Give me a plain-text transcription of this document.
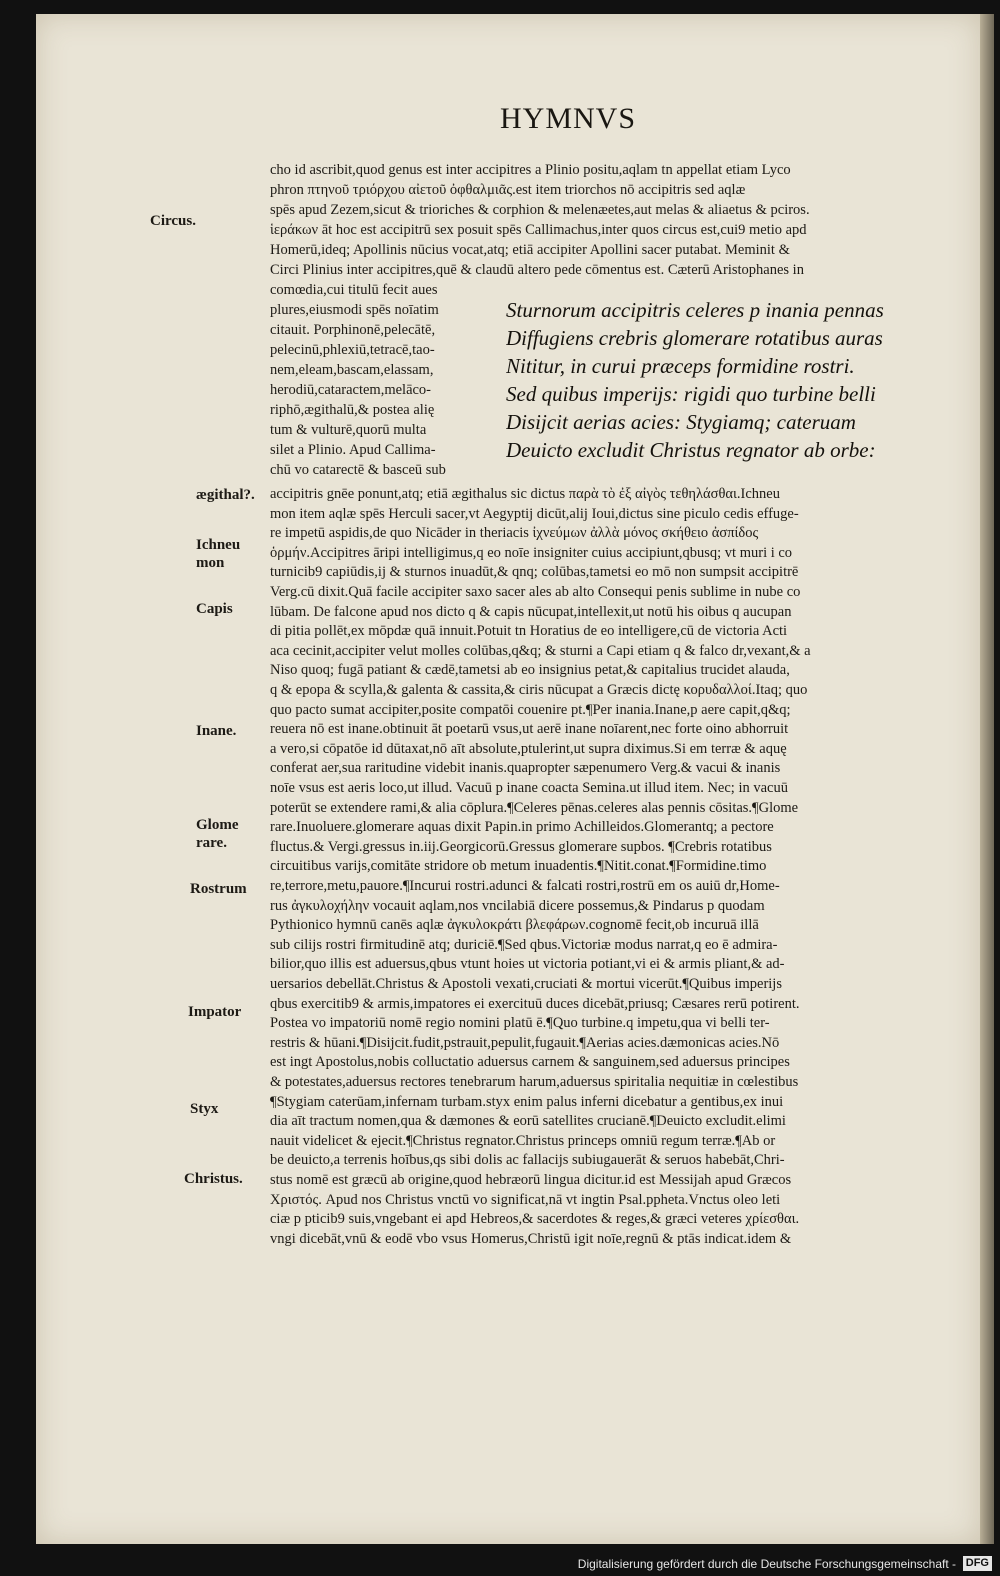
HYMNVS
cho id ascribit,quod genus est inter accipitres a Plinio positu,aqlam tn appellat etiam Lyco
phron πτηνοῦ τριόρχου αἰετοῦ ὀφθαλμιᾶς.est item triorchos nō accipitris sed aqlæ
spēs apud Zezem,sicut & trioriches & corphion & melenæetes,aut melas & aliaetus & pciros.
ἱεράκων āt hoc est accipitrū sex posuit spēs Callimachus,inter quos circus est,cui9 metio apd
Homerū,ideq; Apollinis nūcius vocat,atq; etiā accipiter Apollini sacer putabat. Meminit &
Circi Plinius inter accipitres,quē & claudū altero pede cōmentus est. Cæterū Aristophanes in
comœdia,cui titulū fecit aues
plures,eiusmodi spēs noīatim
citauit. Porphinonē,pelecātē,
pelecinū,phlexiū,tetracē,tao-
nem,eleam,bascam,elassam,
herodiū,cataractem,melāco-
riphō,ægithalū,& postea alię
tum & vulturē,quorū multa
silet a Plinio. Apud Callima-
chū vo catarectē & basceū sub
Sturnorum accipitris celeres p inania pennas
Diffugiens crebris glomerare rotatibus auras
Nititur, in curui præceps formidine rostri.
Sed quibus imperijs: rigidi quo turbine belli
Disijcit aerias acies: Stygiamq; cateruam
Deuicto excludit Christus regnator ab orbe:
accipitris gnēe ponunt,atq; etiā ægithalus sic dictus παρὰ τὸ ἐξ αἰγὸς τεθηλάσθαι.Ichneu
mon item aqlæ spēs Herculi sacer,vt Aegyptij dicūt,alij Ioui,dictus sine piculo cedis effuge-
re impetū aspidis,de quo Nicāder in theriacis ἰχνεύμων ἀλλὰ μόνος σκήθειο ἀσπίδος
ὁρμήν.Accipitres āripi intelligimus,q eo noīe insigniter cuius accipiunt,qbusq; vt muri i co
turnicib9 capiūdis,ij & sturnos inuadūt,& qnq; colūbas,tametsi eo mō non sumpsit accipitrē
Verg.cū dixit.Quā facile accipiter saxo sacer ales ab alto Consequi penis sublime in nube co
lūbam. De falcone apud nos dicto q & capis nūcupat,intellexit,ut notū his oibus q aucupan
di pitia pollēt,ex mōpdæ quā innuit.Potuit tn Horatius de eo intelligere,cū de victoria Acti
aca cecinit,accipiter velut molles colūbas,q&q; & sturni a Capi etiam q & falco dr,vexant,& a
Niso quoq; fugā patiant & cædē,tametsi ab eo insignius petat,& capitalius trucidet alauda,
q & epopa & scylla,& galenta & cassita,& ciris nūcupat a Græcis dictę κορυδαλλοί.Itaq; quo
quo pacto sumat accipiter,posite compatōi couenire pt.¶Per inania.Inane,p aere capit,q&q;
reuera nō est inane.obtinuit āt poetarū vsus,ut aerē inane noīarent,nec forte oino abhorruit
a vero,si cōpatōe id dūtaxat,nō aīt absolute,ptulerint,ut supra diximus.Si em terræ & aquę
conferat aer,sua raritudine videbit inanis.quapropter sæpenumero Verg.& vacui & inanis
noīe vsus est aeris loco,ut illud. Vacuū p inane coacta Semina.ut illud item. Nec; in vacuū
poterūt se extendere rami,& alia cōplura.¶Celeres pēnas.celeres alas pennis cōsitas.¶Glome
rare.Inuoluere.glomerare aquas dixit Papin.in primo Achilleidos.Glomerantq; a pectore
fluctus.& Vergi.gressus in.iij.Georgicorū.Gressus glomerare supbos. ¶Crebris rotatibus
circuitibus varijs,comitāte stridore ob metum inuadentis.¶Nitit.conat.¶Formidine.timo
re,terrore,metu,pauore.¶Incurui rostri.adunci & falcati rostri,rostrū em os auiū dr,Home-
rus ἀγκυλοχήλην vocauit aqlam,nos vncilabiā dicere possemus,& Pindarus p quodam
Pythionico hymnū canēs aqlæ ἀγκυλοκράτι βλεφάρων.cognomē fecit,ob incuruā illā
sub cilijs rostri firmitudinē atq; duriciē.¶Sed qbus.Victoriæ modus narrat,q eo ē admira-
bilior,quo illis est aduersus,qbus vtunt hoies ut victoria potiant,vi ei & armis pliant,& ad-
uersarios debellāt.Christus & Apostoli vexati,cruciati & mortui vicerūt.¶Quibus imperijs
qbus exercitib9 & armis,impatores ei exercituū duces dicebāt,priusq; Cæsares rerū potirent.
Postea vo impatoriū nomē regio nomini platū ē.¶Quo turbine.q impetu,qua vi belli ter-
restris & hūani.¶Disijcit.fudit,pstrauit,pepulit,fugauit.¶Aerias acies.dæmonicas acies.Nō
est ingt Apostolus,nobis colluctatio aduersus carnem & sanguinem,sed aduersus principes
& potestates,aduersus rectores tenebrarum harum,aduersus spiritalia nequitiæ in cœlestibus
¶Stygiam caterūam,infernam turbam.styx enim palus inferni dicebatur a gentibus,ex inui
dia aīt tractum nomen,qua & dæmones & eorū satellites crucianē.¶Deuicto excludit.elimi
nauit videlicet & ejecit.¶Christus regnator.Christus princeps omniū regum terræ.¶Ab or
be deuicto,a terrenis hoībus,qs sibi dolis ac fallacijs subiugauerāt & seruos habebāt,Chri-
stus nomē est græcū ab origine,quod hebræorū lingua dicitur.id est Messijah apud Græcos
Χριστός. Apud nos Christus vnctū vo significat,nā vt ingtin Psal.ppheta.Vnctus oleo leti
ciæ p pticib9 suis,vngebant ei apd Hebreos,& sacerdotes & reges,& græci veteres χρίεσθαι.
vngi dicebāt,vnū & eodē vbo vsus Homerus,Christū igit noīe,regnū & ptās indicat.idem &
Circus.
ægithal?.
Ichneu mon
Capis
Inane.
Glome rare.
Rostrum
Impator
Styx
Christus.
Digitalisierung gefördert durch die Deutsche Forschungsgemeinschaft - DFG
